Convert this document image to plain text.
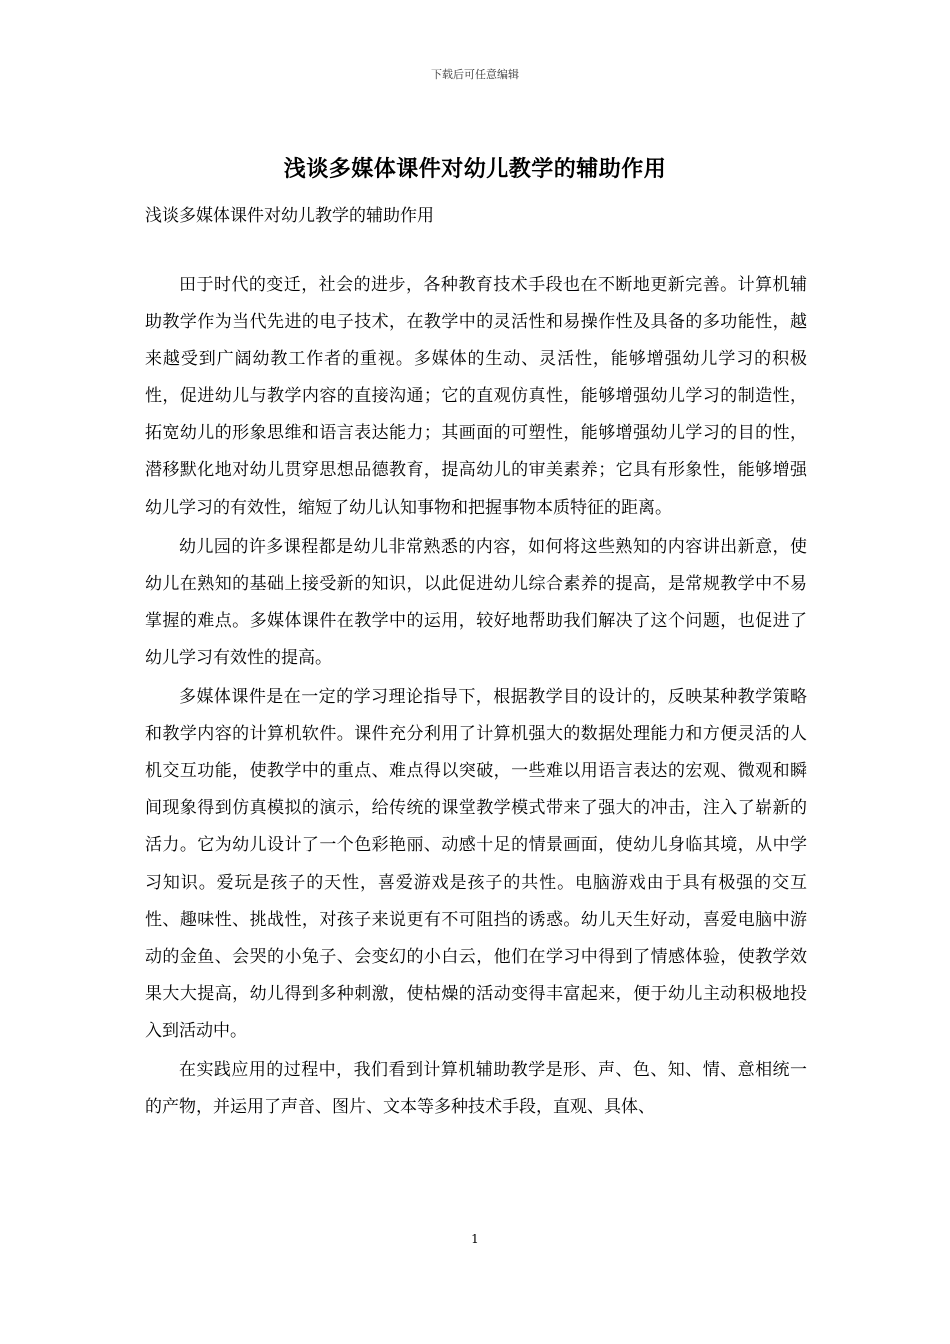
下载后可任意编辑
浅谈多媒体课件对幼儿教学的辅助作用
浅谈多媒体课件对幼儿教学的辅助作用

田于时代的变迁，社会的进步，各种教育技术手段也在不断地更新完善。计算机辅助教学作为当代先进的电子技术，在教学中的灵活性和易操作性及具备的多功能性，越来越受到广阔幼教工作者的重视。多媒体的生动、灵活性，能够增强幼儿学习的积极性，促进幼儿与教学内容的直接沟通；它的直观仿真性，能够增强幼儿学习的制造性，拓宽幼儿的形象思维和语言表达能力；其画面的可塑性，能够增强幼儿学习的目的性，潜移默化地对幼儿贯穿思想品德教育，提高幼儿的审美素养；它具有形象性，能够增强幼儿学习的有效性，缩短了幼儿认知事物和把握事物本质特征的距离。

幼儿园的许多课程都是幼儿非常熟悉的内容，如何将这些熟知的内容讲出新意，使幼儿在熟知的基础上接受新的知识，以此促进幼儿综合素养的提高，是常规教学中不易掌握的难点。多媒体课件在教学中的运用，较好地帮助我们解决了这个问题，也促进了幼儿学习有效性的提高。

多媒体课件是在一定的学习理论指导下，根据教学目的设计的，反映某种教学策略和教学内容的计算机软件。课件充分利用了计算机强大的数据处理能力和方便灵活的人机交互功能，使教学中的重点、难点得以突破，一些难以用语言表达的宏观、微观和瞬间现象得到仿真模拟的演示，给传统的课堂教学模式带来了强大的冲击，注入了崭新的活力。它为幼儿设计了一个色彩艳丽、动感十足的情景画面，使幼儿身临其境，从中学习知识。爱玩是孩子的天性，喜爱游戏是孩子的共性。电脑游戏由于具有极强的交互性、趣味性、挑战性，对孩子来说更有不可阻挡的诱惑。幼儿天生好动，喜爱电脑中游动的金鱼、会哭的小兔子、会变幻的小白云，他们在学习中得到了情感体验，使教学效果大大提高，幼儿得到多种刺激，使枯燥的活动变得丰富起来，便于幼儿主动积极地投入到活动中。

在实践应用的过程中，我们看到计算机辅助教学是形、声、色、知、情、意相统一的产物，并运用了声音、图片、文本等多种技术手段，直观、具体、

1
